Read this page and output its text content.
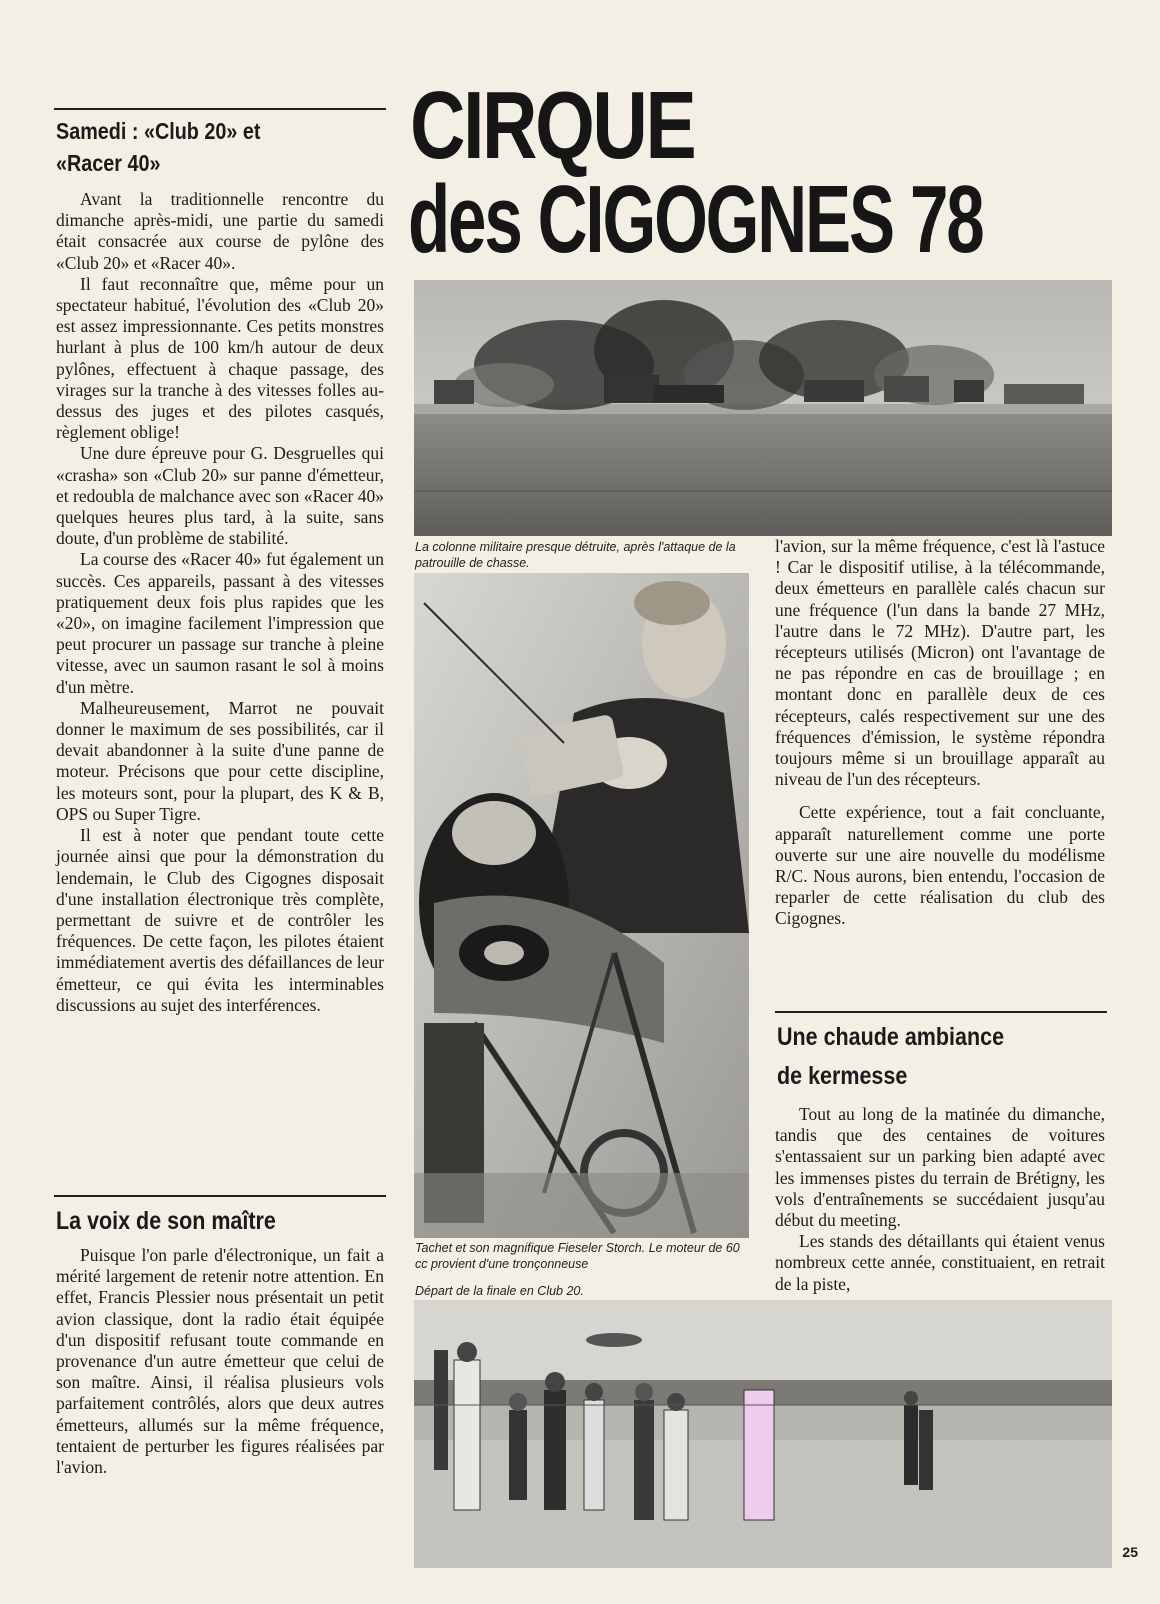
CIRQUE
des CIGOGNES 78
Samedi : «Club 20» et
«Racer 40»

Avant la traditionnelle rencontre du dimanche après-midi, une partie du samedi était consacrée aux course de pylône des «Club 20» et «Racer 40».

Il faut reconnaître que, même pour un spectateur habitué, l'évolution des «Club 20» est assez impressionnante. Ces petits monstres hurlant à plus de 100 km/h autour de deux pylônes, effectuent à chaque passage, des virages sur la tranche à des vitesses folles au-dessus des juges et des pilotes casqués, règlement oblige!

Une dure épreuve pour G. Desgruelles qui «crasha» son «Club 20» sur panne d'émetteur, et redoubla de malchance avec son «Racer 40» quelques heures plus tard, à la suite, sans doute, d'un problème de stabilité.

La course des «Racer 40» fut également un succès. Ces appareils, passant à des vitesses pratiquement deux fois plus rapides que les «20», on imagine facilement l'impression que peut procurer un passage sur tranche à pleine vitesse, avec un saumon rasant le sol à moins d'un mètre.

Malheureusement, Marrot ne pouvait donner le maximum de ses possibilités, car il devait abandonner à la suite d'une panne de moteur. Précisons que pour cette discipline, les moteurs sont, pour la plupart, des K & B, OPS ou Super Tigre.

Il est à noter que pendant toute cette journée ainsi que pour la démonstration du lendemain, le Club des Cigognes disposait d'une installation électronique très complète, permettant de suivre et de contrôler les fréquences. De cette façon, les pilotes étaient immédiatement avertis des défaillances de leur émetteur, ce qui évita les interminables discussions au sujet des interférences.

La voix de son maître

Puisque l'on parle d'électronique, un fait a mérité largement de retenir notre attention. En effet, Francis Plessier nous présentait un petit avion classique, dont la radio était équipée d'un dispositif refusant toute commande en provenance d'un autre émetteur que celui de son maître. Ainsi, il réalisa plusieurs vols parfaitement contrôlés, alors que deux autres émetteurs, allumés sur la même fréquence, tentaient de perturber les figures réalisées par l'avion.

La colonne militaire presque détruite, après l'attaque de la patrouille de chasse.
Tachet et son magnifique Fieseler Storch. Le moteur de 60 cc provient d'une tronçonneuse
Départ de la finale en Club 20.

l'avion, sur la même fréquence, c'est là l'astuce ! Car le dispositif utilise, à la télécommande, deux émetteurs en parallèle calés chacun sur une fréquence (l'un dans la bande 27 MHz, l'autre dans le 72 MHz). D'autre part, les récepteurs utilisés (Micron) ont l'avantage de ne pas répondre en cas de brouillage ; en montant donc en parallèle deux de ces récepteurs, calés respectivement sur une des fréquences d'émission, le système répondra toujours même si un brouillage apparaît au niveau de l'un des récepteurs.

Cette expérience, tout a fait concluante, apparaît naturellement comme une porte ouverte sur une aire nouvelle du modélisme R/C. Nous aurons, bien entendu, l'occasion de reparler de cette réalisation du club des Cigognes.

Une chaude ambiance
de kermesse

Tout au long de la matinée du dimanche, tandis que des centaines de voitures s'entassaient sur un parking bien adapté avec les immenses pistes du terrain de Brétigny, les vols d'entraînements se succédaient jusqu'au début du meeting.

Les stands des détaillants qui étaient venus nombreux cette année, constituaient, en retrait de la piste,

25
